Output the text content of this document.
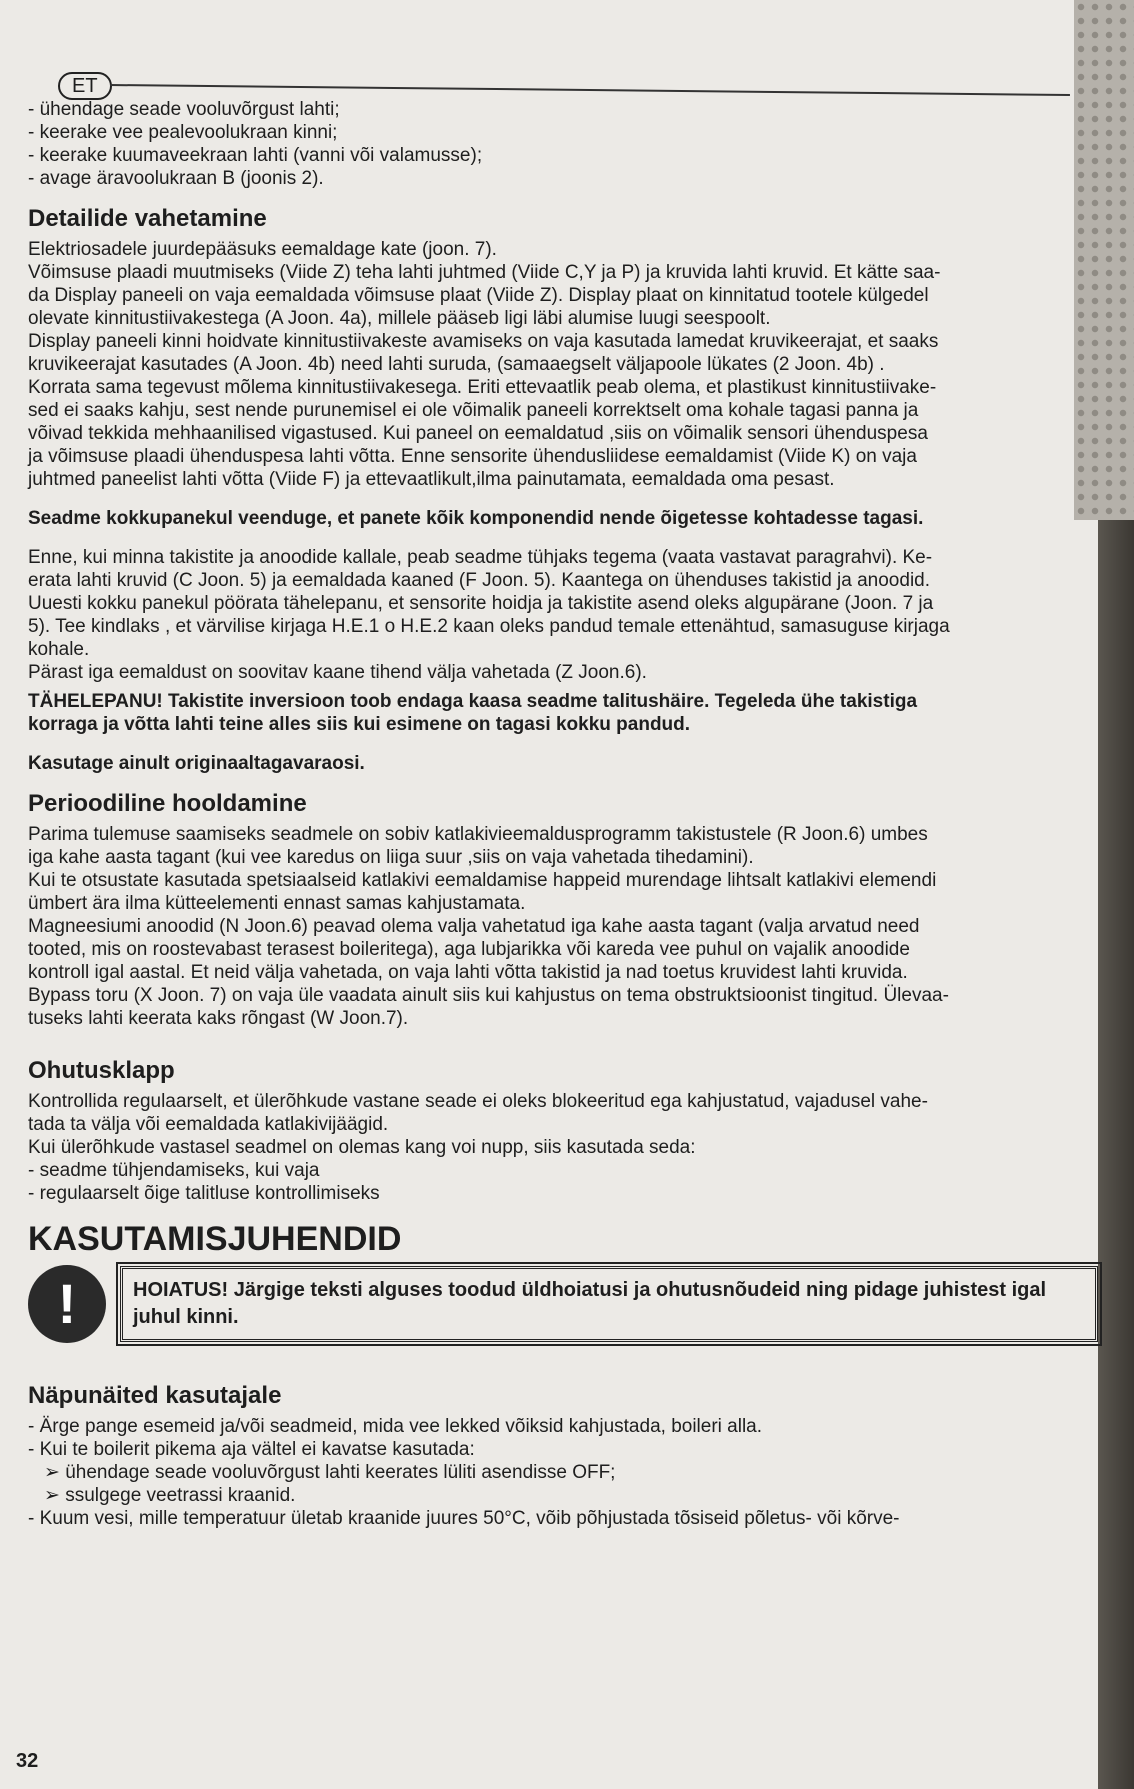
ET

- ühendage seade vooluvõrgust lahti;

- keerake vee pealevoolukraan kinni;

- keerake kuumaveekraan lahti (vanni või valamusse);

- avage äravoolukraan B (joonis 2).

Detailide vahetamine

Elektriosadele juurdepääsuks eemaldage kate (joon. 7).

Võimsuse plaadi muutmiseks (Viide Z) teha lahti juhtmed (Viide C,Y ja P) ja kruvida lahti kruvid. Et kätte saa-

da Display paneeli on vaja eemaldada võimsuse plaat (Viide Z). Display plaat on kinnitatud tootele külgedel

olevate kinnitustiivakestega (A Joon. 4a), millele pääseb ligi läbi alumise luugi seespoolt.

Display paneeli kinni hoidvate kinnitustiivakeste avamiseks on vaja kasutada lamedat kruvikeerajat, et saaks

kruvikeerajat kasutades (A Joon. 4b) need lahti suruda, (samaaegselt väljapoole lükates (2 Joon. 4b) .

Korrata sama tegevust mõlema kinnitustiivakesega. Eriti ettevaatlik peab olema, et plastikust kinnitustiivake-

sed ei saaks kahju, sest nende purunemisel ei ole võimalik paneeli korrektselt oma kohale tagasi panna ja

võivad tekkida mehhaanilised vigastused. Kui paneel on eemaldatud ,siis on võimalik sensori ühenduspesa

ja võimsuse plaadi ühenduspesa lahti võtta. Enne sensorite ühendusliidese eemaldamist (Viide K) on vaja

juhtmed paneelist lahti võtta (Viide F) ja ettevaatlikult,ilma painutamata, eemaldada oma pesast.

Seadme kokkupanekul veenduge, et panete kõik komponendid nende õigetesse kohtadesse tagasi.

Enne, kui minna takistite ja anoodide kallale, peab seadme tühjaks tegema (vaata vastavat paragrahvi). Ke-

erata lahti kruvid (C Joon. 5) ja eemaldada kaaned (F Joon. 5). Kaantega on ühenduses takistid ja anoodid.

Uuesti kokku panekul pöörata tähelepanu, et sensorite hoidja ja takistite asend oleks algupärane (Joon. 7 ja

5). Tee kindlaks , et värvilise kirjaga H.E.1 o H.E.2 kaan oleks pandud temale ettenähtud, samasuguse kirjaga

kohale.

Pärast iga eemaldust on soovitav kaane tihend välja vahetada (Z Joon.6).

TÄHELEPANU! Takistite inversioon toob endaga kaasa seadme talitushäire. Tegeleda ühe takistiga

korraga ja võtta lahti teine alles siis kui esimene on tagasi kokku pandud.

Kasutage ainult originaaltagavaraosi.

Perioodiline hooldamine

Parima tulemuse saamiseks seadmele on sobiv katlakivieemaldusprogramm takistustele (R Joon.6) umbes

iga kahe aasta tagant (kui vee karedus on liiga suur ,siis on vaja vahetada tihedamini).

Kui te otsustate kasutada spetsiaalseid katlakivi eemaldamise happeid murendage lihtsalt katlakivi elemendi

ümbert ära ilma kütteelementi ennast samas kahjustamata.

Magneesiumi anoodid (N Joon.6) peavad olema valja vahetatud iga kahe aasta tagant (valja arvatud need

tooted, mis on roostevabast terasest boileritega), aga lubjarikka või kareda vee puhul on vajalik anoodide

kontroll igal aastal. Et neid välja vahetada, on vaja lahti võtta takistid ja nad toetus kruvidest lahti kruvida.

Bypass toru (X Joon. 7) on vaja üle vaadata ainult siis kui kahjustus on tema obstruktsioonist tingitud. Ülevaa-

tuseks lahti keerata kaks rõngast (W Joon.7).

Ohutusklapp

Kontrollida regulaarselt, et ülerõhkude vastane seade ei oleks blokeeritud ega kahjustatud, vajadusel vahe-

tada ta välja või eemaldada katlakivijäägid.

Kui ülerõhkude vastasel seadmel on olemas kang voi nupp, siis kasutada seda:

- seadme tühjendamiseks, kui vaja

- regulaarselt õige talitluse kontrollimiseks

KASUTAMISJUHENDID
!	HOIATUS! Järgige teksti alguses toodud üldhoiatusi ja ohutusnõudeid ning pidage juhistest igal juhul kinni.
Näpunäited kasutajale

- Ärge pange esemeid ja/või seadmeid, mida vee lekked võiksid kahjustada, boileri alla.

- Kui te boilerit pikema aja vältel ei kavatse kasutada:

➢ ühendage seade vooluvõrgust lahti keerates lüliti asendisse OFF;

➢ ssulgege veetrassi kraanid.

- Kuum vesi, mille temperatuur ületab kraanide juures 50°C, võib põhjustada tõsiseid põletus- või kõrve-

32
